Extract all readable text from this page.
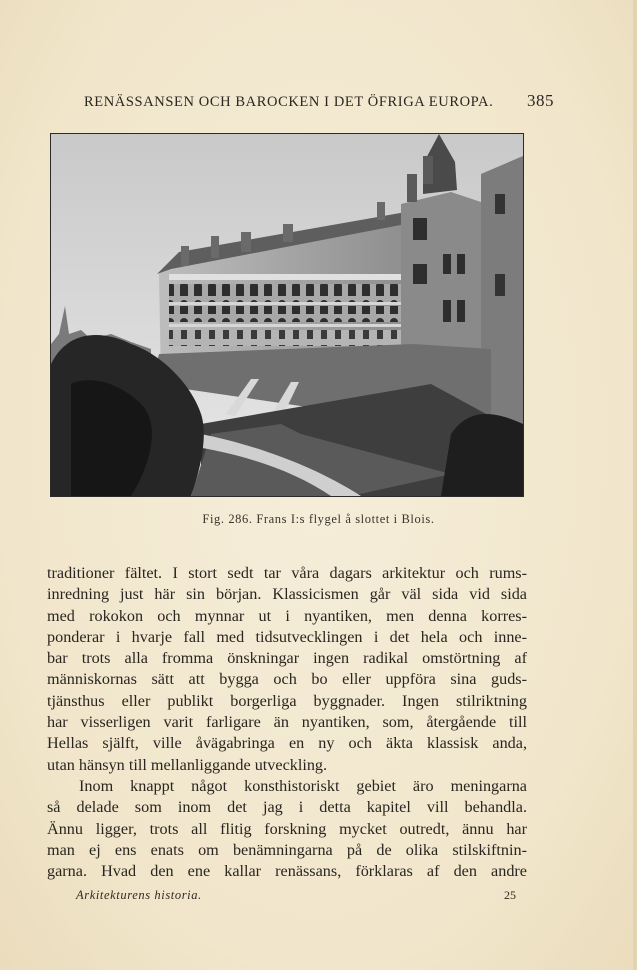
RENÄSSANSEN OCH BAROCKEN I DET ÖFRIGA EUROPA. 385
Fig. 286. Frans I:s flygel å slottet i Blois.
traditioner fältet. I stort sedt tar våra dagars arkitektur och rums-
inredning just här sin början. Klassicismen går väl sida vid sida
med rokokon och mynnar ut i nyantiken, men denna korres-
ponderar i hvarje fall med tidsutvecklingen i det hela och inne-
bar trots alla fromma önskningar ingen radikal omstörtning af
människornas sätt att bygga och bo eller uppföra sina guds-
tjänsthus eller publikt borgerliga byggnader. Ingen stilriktning
har visserligen varit farligare än nyantiken, som, återgående till
Hellas själft, ville åvägabringa en ny och äkta klassisk anda,
utan hänsyn till mellanliggande utveckling.
Inom knappt något konsthistoriskt gebiet äro meningarna
så delade som inom det jag i detta kapitel vill behandla.
Ännu ligger, trots all flitig forskning mycket outredt, ännu har
man ej ens enats om benämningarna på de olika stilskiftnin-
garna. Hvad den ene kallar renässans, förklaras af den andre
Arkitekturens historia.	25
